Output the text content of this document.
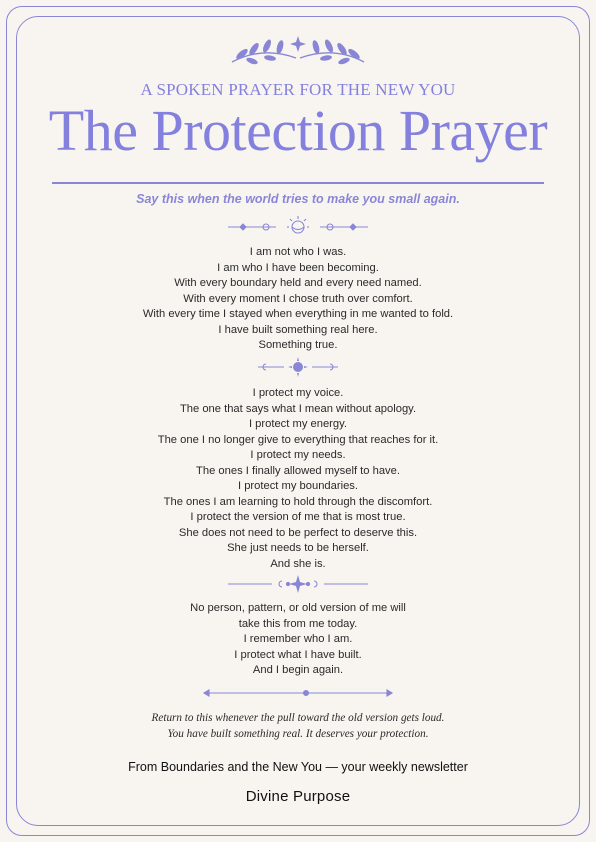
A SPOKEN PRAYER FOR THE NEW YOU
The Protection Prayer
Say this when the world tries to make you small again.
I am not who I was.
I am who I have been becoming.
With every boundary held and every need named.
With every moment I chose truth over comfort.
With every time I stayed when everything in me wanted to fold.
I have built something real here.
Something true.
I protect my voice.
The one that says what I mean without apology.
I protect my energy.
The one I no longer give to everything that reaches for it.
I protect my needs.
The ones I finally allowed myself to have.
I protect my boundaries.
The ones I am learning to hold through the discomfort.
I protect the version of me that is most true.
She does not need to be perfect to deserve this.
She just needs to be herself.
And she is.
No person, pattern, or old version of me will
take this from me today.
I remember who I am.
I protect what I have built.
And I begin again.
Return to this whenever the pull toward the old version gets loud.
You have built something real. It deserves your protection.
From Boundaries and the New You — your weekly newsletter
Divine Purpose
